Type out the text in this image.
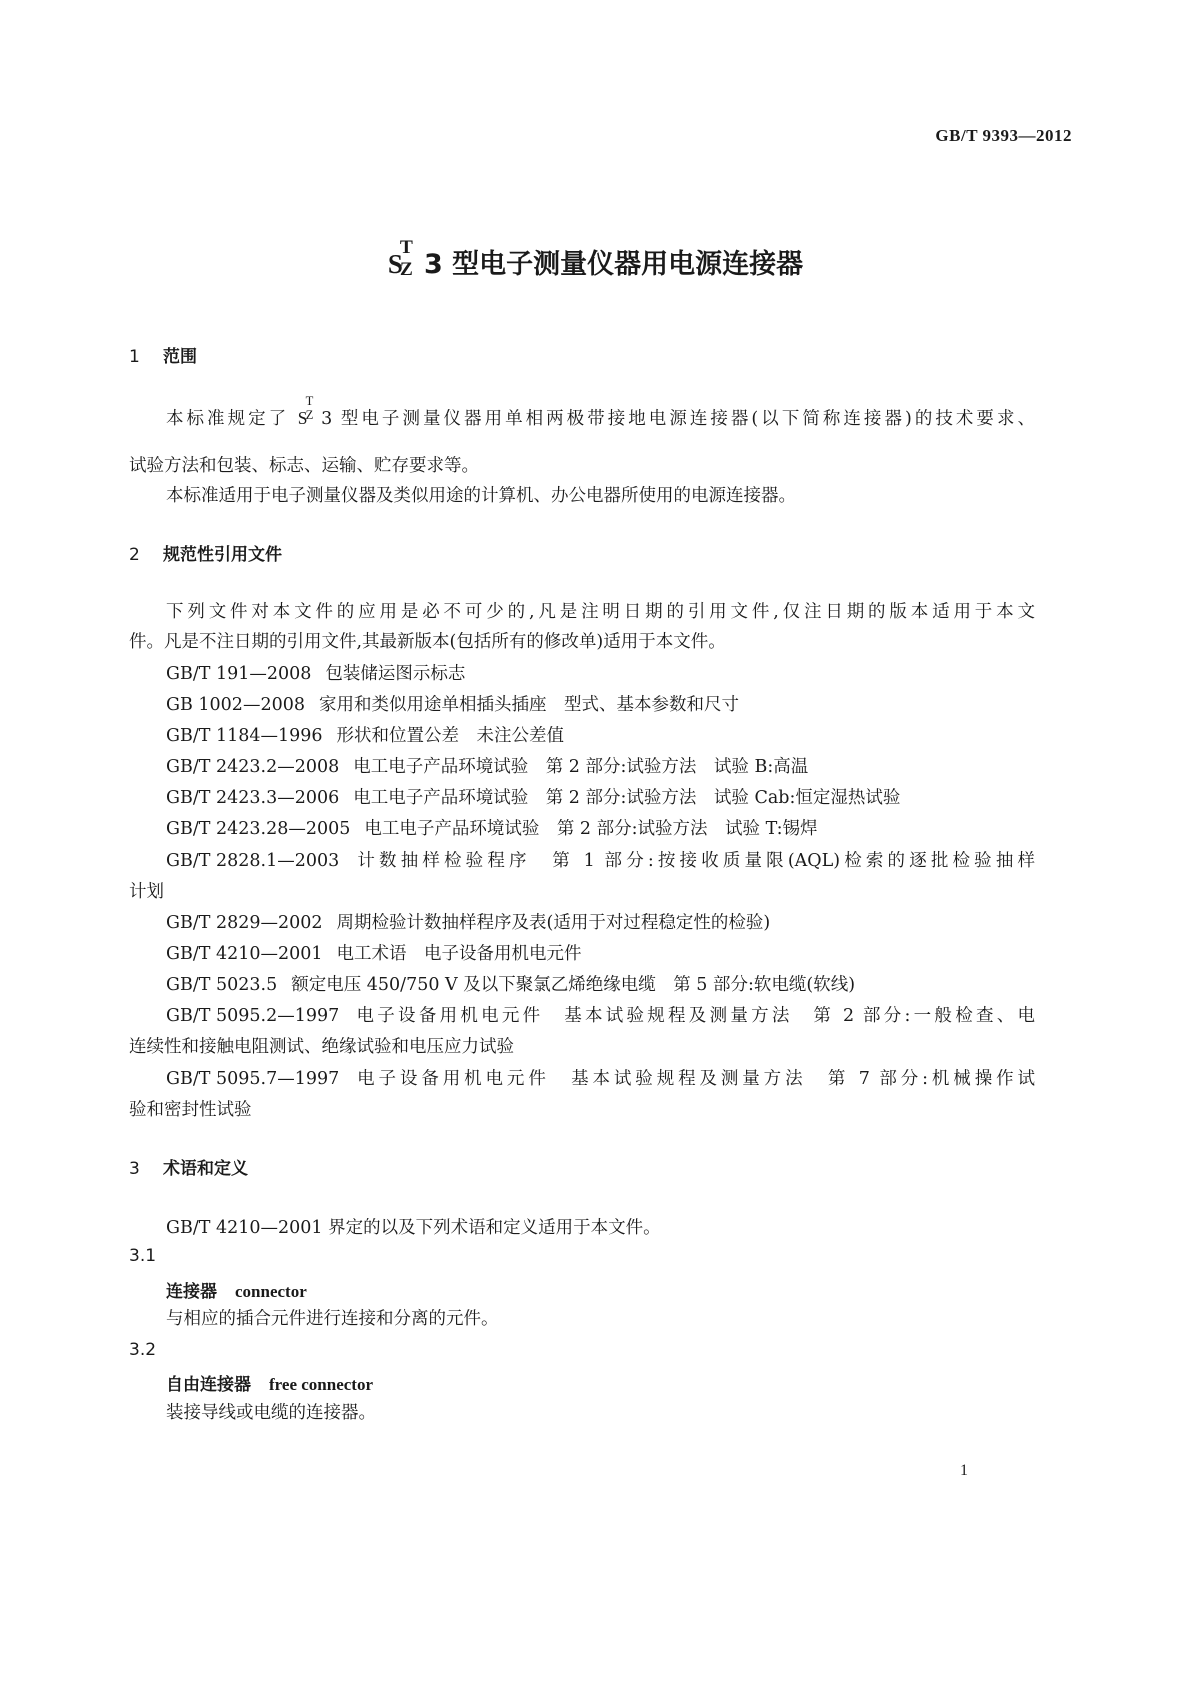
GB/T 9393—2012
S
T
Z 3 型电子测量仪器用电源连接器
1 范围
本标准规定了 S
T
Z 3 型电子测量仪器用单相两极带接地电源连接器(以下简称连接器)的技术要求、
试验方法和包装、标志、运输、贮存要求等。
本标准适用于电子测量仪器及类似用途的计算机、办公电器所使用的电源连接器。
2 规范性引用文件
下列文件对本文件的应用是必不可少的,凡是注明日期的引用文件,仅注日期的版本适用于本文
件。凡是不注日期的引用文件,其最新版本(包括所有的修改单)适用于本文件。
GB/T 191—2008 包装储运图示标志
GB 1002—2008 家用和类似用途单相插头插座　型式、基本参数和尺寸
GB/T 1184—1996 形状和位置公差　未注公差值
GB/T 2423.2—2008 电工电子产品环境试验　第 2 部分:试验方法　试验 B:高温
GB/T 2423.3—2006 电工电子产品环境试验　第 2 部分:试验方法　试验 Cab:恒定湿热试验
GB/T 2423.28—2005 电工电子产品环境试验　第 2 部分:试验方法　试验 T:锡焊
GB/T 2828.1—2003 计数抽样检验程序　第 1 部分:按接收质量限(AQL)检索的逐批检验抽样
计划
GB/T 2829—2002 周期检验计数抽样程序及表(适用于对过程稳定性的检验)
GB/T 4210—2001 电工术语　电子设备用机电元件
GB/T 5023.5 额定电压 450/750 V 及以下聚氯乙烯绝缘电缆　第 5 部分:软电缆(软线)
GB/T 5095.2—1997 电子设备用机电元件　基本试验规程及测量方法　第 2 部分:一般检查、电
连续性和接触电阻测试、绝缘试验和电压应力试验
GB/T 5095.7—1997 电子设备用机电元件　基本试验规程及测量方法　第 7 部分:机械操作试
验和密封性试验
3 术语和定义
GB/T 4210—2001 界定的以及下列术语和定义适用于本文件。
3.1
连接器 connector
与相应的插合元件进行连接和分离的元件。
3.2
自由连接器 free connector
装接导线或电缆的连接器。
1
